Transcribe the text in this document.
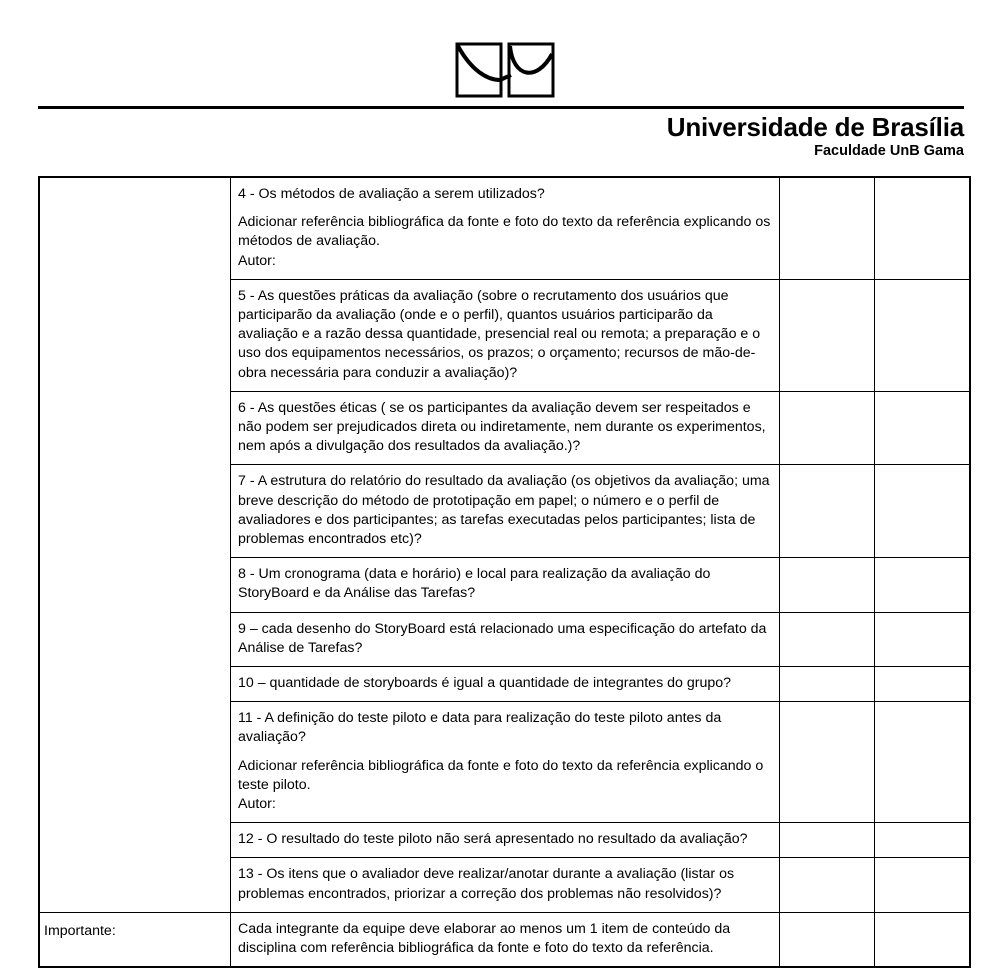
Universidade de Brasília
Faculdade UnB Gama

	4 - Os métodos de avaliação a serem utilizados?

Adicionar referência bibliográfica da fonte e foto do texto da referência explicando os métodos de avaliação.

Autor:		

	5 - As questões práticas da avaliação (sobre o recrutamento dos usuários que participarão da avaliação (onde e o perfil), quantos usuários participarão da avaliação e a razão dessa quantidade, presencial real ou remota; a preparação e o uso dos equipamentos necessários, os prazos; o orçamento; recursos de mão-de-obra necessária para conduzir a avaliação)?		

	6 - As questões éticas ( se os participantes da avaliação devem ser respeitados e não podem ser prejudicados direta ou indiretamente, nem durante os experimentos, nem após a divulgação dos resultados da avaliação.)?		

	7 - A estrutura do relatório do resultado da avaliação (os objetivos da avaliação; uma breve descrição do método de prototipação em papel; o número e o perfil de avaliadores e dos participantes; as tarefas executadas pelos participantes; lista de problemas encontrados etc)?		

	8 - Um cronograma (data e horário) e local para realização da avaliação do StoryBoard e da Análise das Tarefas?		

	9 – cada desenho do StoryBoard está relacionado uma especificação do artefato da Análise de Tarefas?		

	10 – quantidade de storyboards é igual a quantidade de integrantes do grupo?		

	11 - A definição do teste piloto e data para realização do teste piloto antes da avaliação?

Adicionar referência bibliográfica da fonte e foto do texto da referência explicando o teste piloto.

Autor:		

	12 - O resultado do teste piloto não será apresentado no resultado da avaliação?		

	13 - Os itens que o avaliador deve realizar/anotar durante a avaliação (listar os problemas encontrados, priorizar a correção dos problemas não resolvidos)?		

Importante:	Cada integrante da equipe deve elaborar ao menos um 1 item de conteúdo da disciplina com referência bibliográfica da fonte e foto do texto da referência.		
